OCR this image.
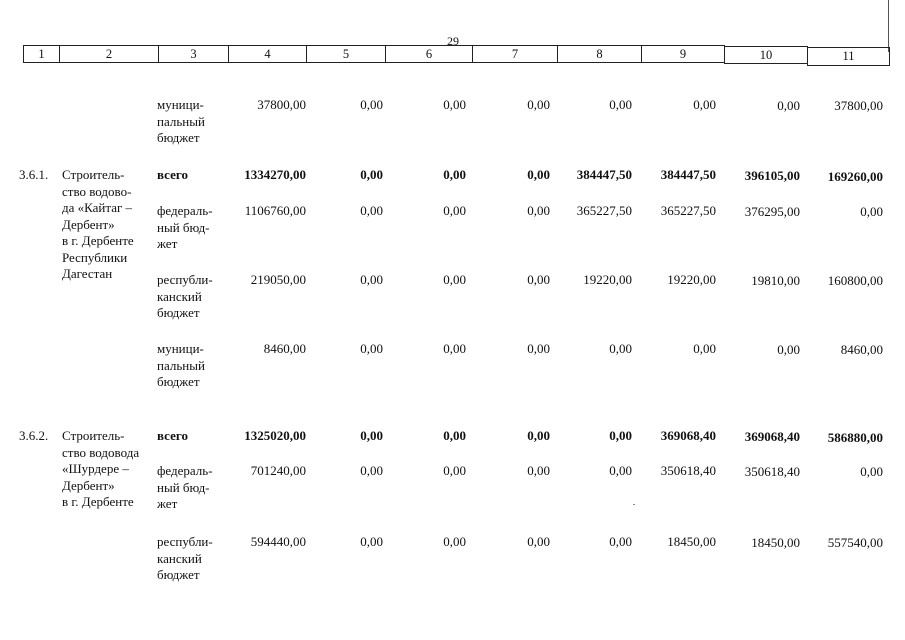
29
1	2	3	4	5	6	7	8	9	10	11
муници-
пальный
бюджет
37800,00	0,00	0,00	0,00	0,00	0,00	0,00	37800,00
3.6.1. Строитель-
ство водово-
да «Кайтаг –
Дербент»
в г. Дербенте
Республики
Дагестан
всего	1334270,00	0,00	0,00	0,00 384447,50 384447,50 396105,00 169260,00
федераль-
ный бюд-
жет
1106760,00	0,00	0,00	0,00 365227,50 365227,50 376295,00	0,00
республи-
канский
бюджет
219050,00	0,00	0,00	0,00	19220,00	19220,00	19810,00 160800,00
муници-
пальный
бюджет
8460,00	0,00	0,00	0,00	0,00	0,00	0,00	8460,00
3.6.2. Строитель-
ство водовода
«Шурдере –
Дербент»
в г. Дербенте
всего	1325020,00	0,00	0,00	0,00	0,00 369068,40 369068,40 586880,00
федераль-
ный бюд-
жет
701240,00	0,00	0,00	0,00	0,00 350618,40 350618,40	0,00
республи-
канский
бюджет
594440,00	0,00	0,00	0,00	0,00	18450,00	18450,00 557540,00
